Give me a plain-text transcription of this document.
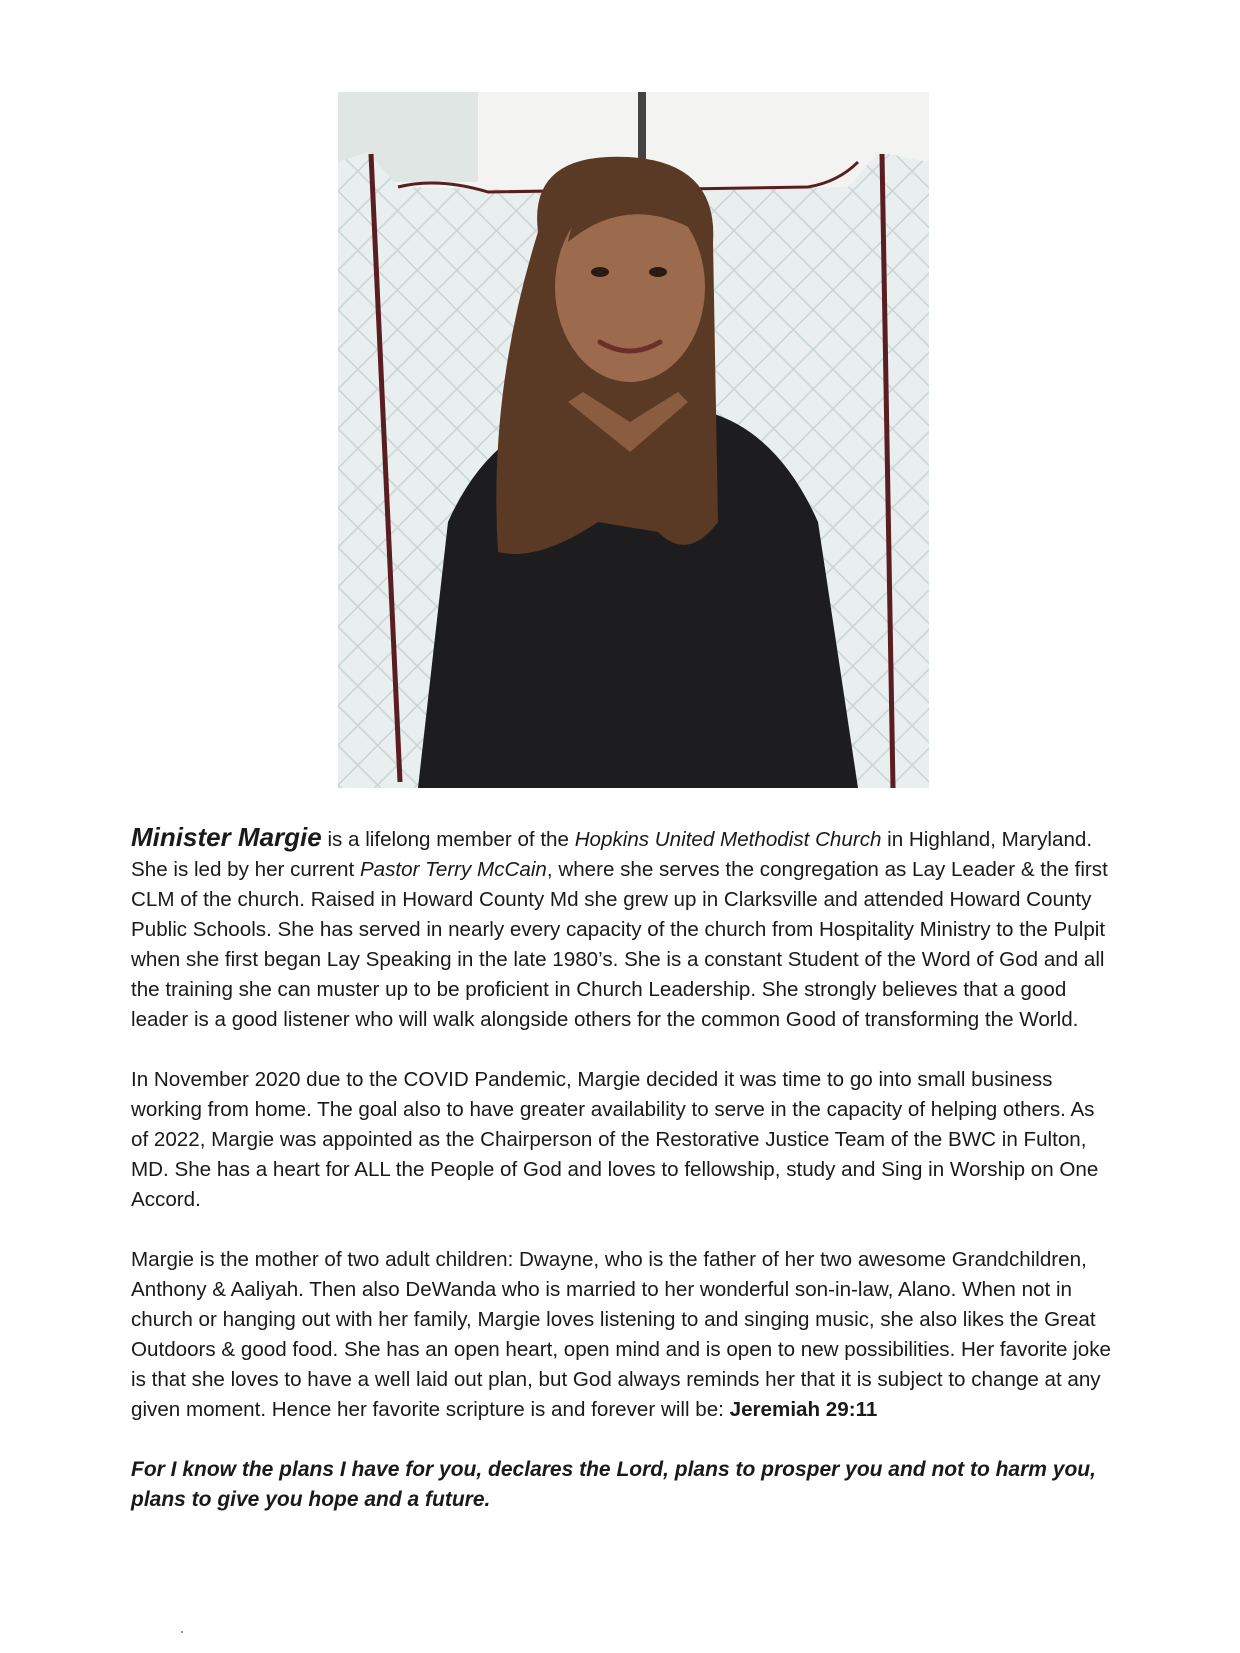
Minister Margie is a lifelong member of the Hopkins United Methodist Church in Highland, Maryland. She is led by her current Pastor Terry McCain, where she serves the congregation as Lay Leader & the first CLM of the church. Raised in Howard County Md she grew up in Clarksville and attended Howard County Public Schools. She has served in nearly every capacity of the church from Hospitality Ministry to the Pulpit when she first began Lay Speaking in the late 1980’s. She is a constant Student of the Word of God and all the training she can muster up to be proficient in Church Leadership. She strongly believes that a good leader is a good listener who will walk alongside others for the common Good of transforming the World.

In November 2020 due to the COVID Pandemic, Margie decided it was time to go into small business working from home. The goal also to have greater availability to serve in the capacity of helping others. As of 2022, Margie was appointed as the Chairperson of the Restorative Justice Team of the BWC in Fulton, MD. She has a heart for ALL the People of God and loves to fellowship, study and Sing in Worship on One Accord.

Margie is the mother of two adult children: Dwayne, who is the father of her two awesome Grandchildren, Anthony & Aaliyah. Then also DeWanda who is married to her wonderful son-in-law, Alano. When not in church or hanging out with her family, Margie loves listening to and singing music, she also likes the Great Outdoors & good food. She has an open heart, open mind and is open to new possibilities. Her favorite joke is that she loves to have a well laid out plan, but God always reminds her that it is subject to change at any given moment. Hence her favorite scripture is and forever will be: Jeremiah 29:11

For I know the plans I have for you, declares the Lord, plans to prosper you and not to harm you, plans to give you hope and a future.
